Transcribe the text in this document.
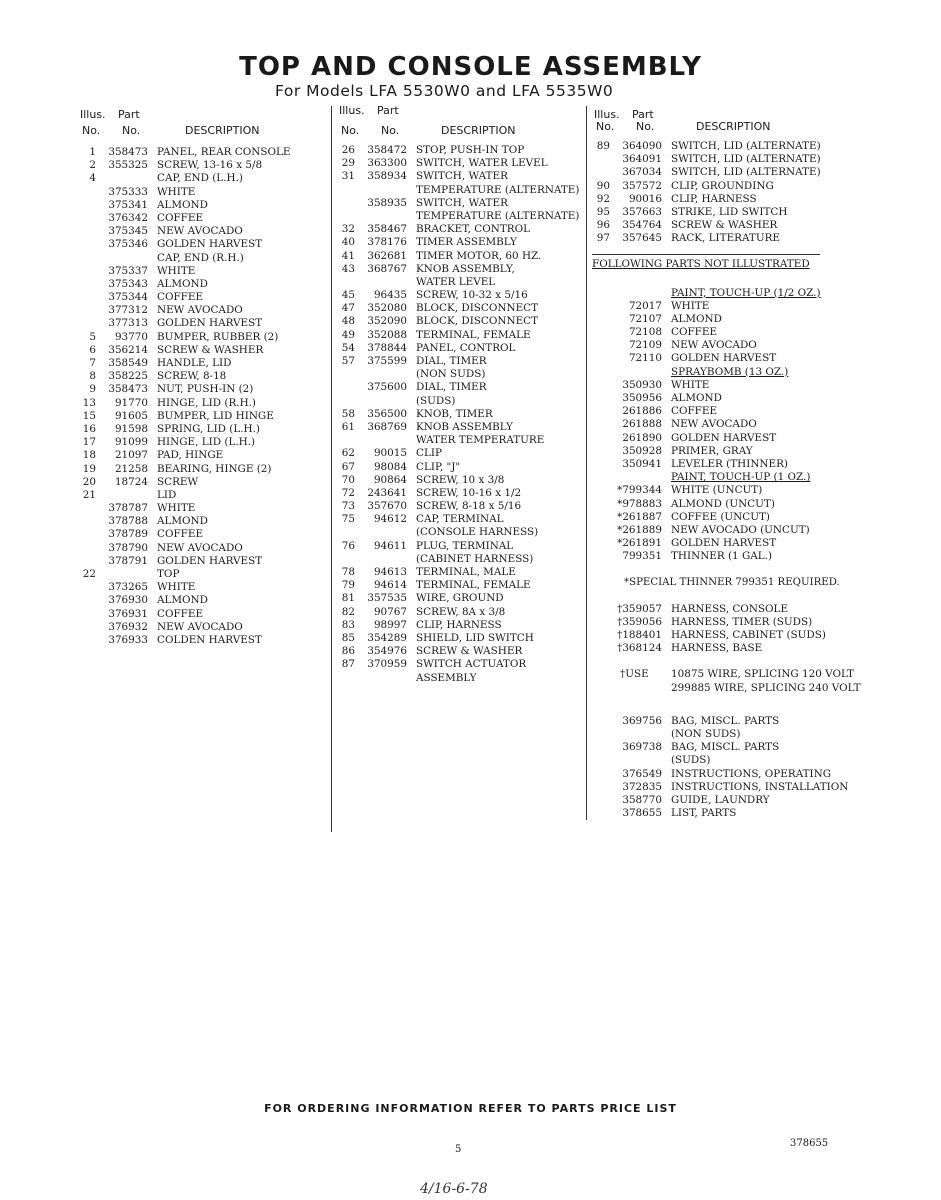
TOP AND CONSOLE ASSEMBLY
For Models LFA 5530W0 and LFA 5535W0
Illus. Part
No. No.	DESCRIPTION
1	358473 PANEL, REAR CONSOLE
2	355325 SCREW, 13-16 x 5/8
4	CAP, END (L.H.)
375333 WHITE
375341 ALMOND
376342 COFFEE
375345 NEW AVOCADO
375346 GOLDEN HARVEST
CAP, END (R.H.)
375337 WHITE
375343 ALMOND
375344 COFFEE
377312 NEW AVOCADO
377313 GOLDEN HARVEST
5	93770 BUMPER, RUBBER (2)
6	356214 SCREW & WASHER
7	358549 HANDLE, LID
8	358225 SCREW, 8-18
9	358473 NUT, PUSH-IN (2)
13	91770 HINGE, LID (R.H.)
15	91605 BUMPER, LID HINGE
16	91598 SPRING, LID (L.H.)
17	91099 HINGE, LID (L.H.)
18	21097 PAD, HINGE
19	21258 BEARING, HINGE (2)
20	18724 SCREW
21	LID
378787 WHITE
378788 ALMOND
378789 COFFEE
378790 NEW AVOCADO
378791 GOLDEN HARVEST
22	TOP
373265 WHITE
376930 ALMOND
376931 COFFEE
376932 NEW AVOCADO
376933 COLDEN HARVEST
Illus. Part
No. No.	DESCRIPTION
26	358472 STOP, PUSH-IN TOP
29	363300 SWITCH, WATER LEVEL
31	358934 SWITCH, WATER
TEMPERATURE (ALTERNATE)
358935 SWITCH, WATER
TEMPERATURE (ALTERNATE)
32	358467 BRACKET, CONTROL
40	378176 TIMER ASSEMBLY
41	362681 TIMER MOTOR, 60 HZ.
43	368767 KNOB ASSEMBLY,
WATER LEVEL
45	96435 SCREW, 10-32 x 5/16
47	352080 BLOCK, DISCONNECT
48	352090 BLOCK, DISCONNECT
49	352088 TERMINAL, FEMALE
54	378844 PANEL, CONTROL
57	375599 DIAL, TIMER
(NON SUDS)
375600 DIAL, TIMER
(SUDS)
58	356500 KNOB, TIMER
61	368769 KNOB ASSEMBLY
WATER TEMPERATURE
62	90015 CLIP
67	98084 CLIP, "J"
70	90864 SCREW, 10 x 3/8
72	243641 SCREW, 10-16 x 1/2
73	357670 SCREW, 8-18 x 5/16
75	94612 CAP, TERMINAL
(CONSOLE HARNESS)
76	94611 PLUG, TERMINAL
(CABINET HARNESS)
78	94613 TERMINAL, MALE
79	94614 TERMINAL, FEMALE
81	357535 WIRE, GROUND
82	90767 SCREW, 8A x 3/8
83	98997 CLIP, HARNESS
85	354289 SHIELD, LID SWITCH
86	354976 SCREW & WASHER
87	370959 SWITCH ACTUATOR
ASSEMBLY
Illus. Part
No. No.	DESCRIPTION
89	364090 SWITCH, LID (ALTERNATE)
364091 SWITCH, LID (ALTERNATE)
367034 SWITCH, LID (ALTERNATE)
90	357572 CLIP, GROUNDING
92	90016 CLIP, HARNESS
95	357663 STRIKE, LID SWITCH
96	354764 SCREW & WASHER
97	357645 RACK, LITERATURE
FOLLOWING PARTS NOT ILLUSTRATED
PAINT, TOUCH-UP (1/2 OZ.)
72017 WHITE
72107 ALMOND
72108 COFFEE
72109 NEW AVOCADO
72110 GOLDEN HARVEST
SPRAYBOMB (13 OZ.)
350930 WHITE
350956 ALMOND
261886 COFFEE
261888 NEW AVOCADO
261890 GOLDEN HARVEST
350928 PRIMER, GRAY
350941 LEVELER (THINNER)
PAINT, TOUCH-UP (1 OZ.)
*799344 WHITE (UNCUT)
*978883 ALMOND (UNCUT)
*261887 COFFEE (UNCUT)
*261889 NEW AVOCADO (UNCUT)
*261891 GOLDEN HARVEST
799351 THINNER (1 GAL.)
*SPECIAL THINNER 799351 REQUIRED.
†359057 HARNESS, CONSOLE
†359056 HARNESS, TIMER (SUDS)
†188401 HARNESS, CABINET (SUDS)
†368124 HARNESS, BASE
†USE	10875 WIRE, SPLICING 120 VOLT
299885 WIRE, SPLICING 240 VOLT
369756 BAG, MISCL. PARTS
(NON SUDS)
369738 BAG, MISCL. PARTS
(SUDS)
376549 INSTRUCTIONS, OPERATING
372835 INSTRUCTIONS, INSTALLATION
358770 GUIDE, LAUNDRY
378655 LIST, PARTS
FOR ORDERING INFORMATION REFER TO PARTS PRICE LIST
5
378655
4/16-6-78
